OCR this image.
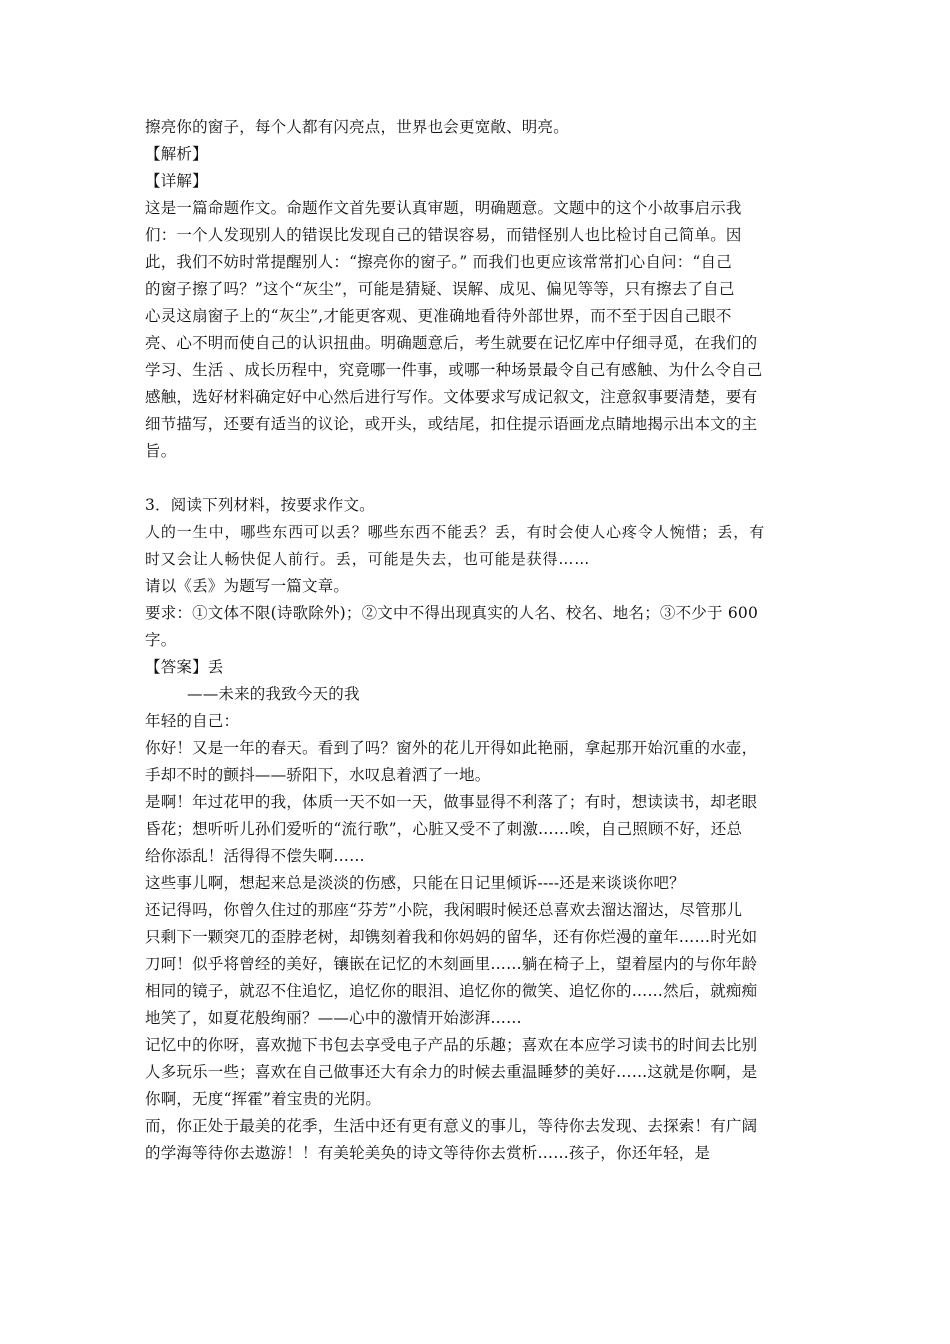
擦亮你的窗子，每个人都有闪亮点，世界也会更宽敞、明亮。
【解析】
【详解】
这是一篇命题作文。命题作文首先要认真审题，明确题意。文题中的这个小故事启示我
们：一个人发现别人的错误比发现自己的错误容易，而错怪别人也比检讨自己简单。因
此，我们不妨时常提醒别人：“擦亮你的窗子。” 而我们也更应该常常扪心自问：“自己
的窗子擦了吗？”这个“灰尘”，可能是猜疑、误解、成见、偏见等等，只有擦去了自己
心灵这扇窗子上的“灰尘”,才能更客观、更准确地看待外部世界，而不至于因自己眼不
亮、心不明而使自己的认识扭曲。明确题意后，考生就要在记忆库中仔细寻觅，在我们的
学习、生活 、成长历程中，究竟哪一件事，或哪一种场景最令自己有感触、为什么令自己
感触，选好材料确定好中心然后进行写作。文体要求写成记叙文，注意叙事要清楚，要有
细节描写，还要有适当的议论，或开头，或结尾，扣住提示语画龙点睛地揭示出本文的主
旨。
3．阅读下列材料，按要求作文。
人的一生中，哪些东西可以丢？哪些东西不能丢？丢，有时会使人心疼令人惋惜；丢，有
时又会让人畅快促人前行。丢，可能是失去，也可能是获得……
请以《丢》为题写一篇文章。
要求：①文体不限(诗歌除外)；②文中不得出现真实的人名、校名、地名；③不少于 600
字。
【答案】丢
——未来的我致今天的我
年轻的自己：
你好！又是一年的春天。看到了吗？窗外的花儿开得如此艳丽，拿起那开始沉重的水壶，
手却不时的颤抖——骄阳下，水叹息着洒了一地。
是啊！年过花甲的我，体质一天不如一天，做事显得不利落了；有时，想读读书，却老眼
昏花；想听听儿孙们爱听的“流行歌”，心脏又受不了刺激……唉，自己照顾不好，还总
给你添乱！活得得不偿失啊……
这些事儿啊，想起来总是淡淡的伤感，只能在日记里倾诉----还是来谈谈你吧？
还记得吗，你曾久住过的那座“芬芳”小院，我闲暇时候还总喜欢去溜达溜达，尽管那儿
只剩下一颗突兀的歪脖老树，却镌刻着我和你妈妈的留华，还有你烂漫的童年……时光如
刀呵！似乎将曾经的美好，镶嵌在记忆的木刻画里……躺在椅子上，望着屋内的与你年龄
相同的镜子，就忍不住追忆，追忆你的眼泪、追忆你的微笑、追忆你的……然后，就痴痴
地笑了，如夏花般绚丽？——心中的激情开始澎湃……
记忆中的你呀，喜欢抛下书包去享受电子产品的乐趣；喜欢在本应学习读书的时间去比别
人多玩乐一些；喜欢在自己做事还大有余力的时候去重温睡梦的美好……这就是你啊，是
你啊，无度“挥霍”着宝贵的光阴。
而，你正处于最美的花季，生活中还有更有意义的事儿，等待你去发现、去探索！有广阔
的学海等待你去遨游！！有美轮美奂的诗文等待你去赏析……孩子，你还年轻，是
